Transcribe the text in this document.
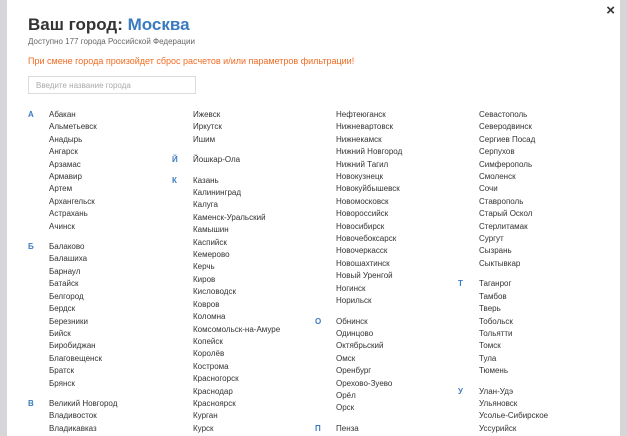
×
Ваш город: Москва
Доступно 177 города Российской Федерации
При смене города произойдет сброс расчетов и/или параметров фильтрации!
Введите название города
А	Абакан
Альметьевск
Анадырь
Ангарск
Арзамас
Армавир
Артем
Архангельск
Астрахань
Ачинск
Б	Балаково
Балашиха
Барнаул
Батайск
Белгород
Бердск
Березники
Бийск
Биробиджан
Благовещенск
Братск
Брянск
В	Великий Новгород
Владивосток
Владикавказ
Ижевск
Иркутск
Ишим
Й	Йошкар-Ола
К	Казань
Калининград
Калуга
Каменск-Уральский
Камышин
Каспийск
Кемерово
Керчь
Киров
Кисловодск
Ковров
Коломна
Комсомольск-на-Амуре
Копейск
Королёв
Кострома
Красногорск
Краснодар
Красноярск
Курган
Курск
Нефтеюганск
Нижневартовск
Нижнекамск
Нижний Новгород
Нижний Тагил
Новокузнецк
Новокуйбышевск
Новомосковск
Новороссийск
Новосибирск
Новочебоксарск
Новочеркасск
Новошахтинск
Новый Уренгой
Ногинск
Норильск
О	Обнинск
Одинцово
Октябрьский
Омск
Оренбург
Орехово-Зуево
Орёл
Орск
П	Пенза
Севастополь
Северодвинск
Сергиев Посад
Серпухов
Симферополь
Смоленск
Сочи
Ставрополь
Старый Оскол
Стерлитамак
Сургут
Сызрань
Сыктывкар
Т	Таганрог
Тамбов
Тверь
Тобольск
Тольятти
Томск
Тула
Тюмень
У	Улан-Удэ
Ульяновск
Усолье-Сибирское
Уссурийск
